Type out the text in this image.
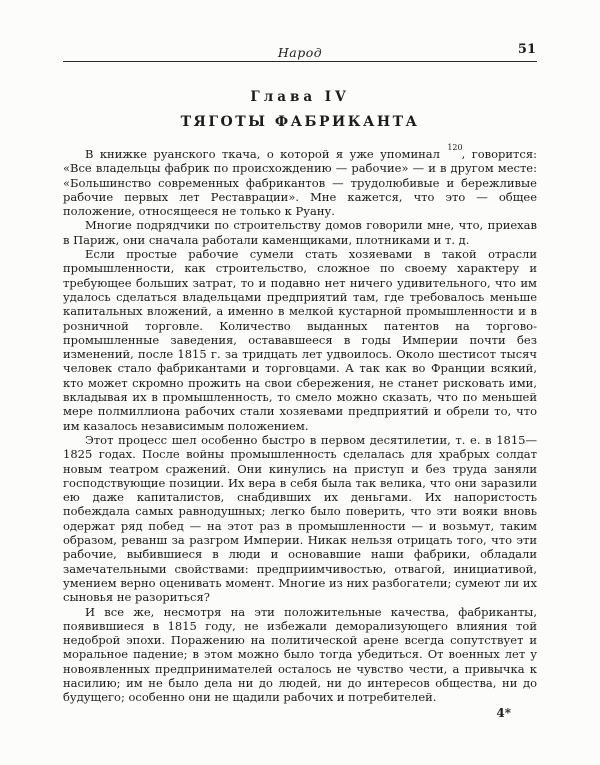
Народ	51
Глава IV
ТЯГОТЫ ФАБРИКАНТА

В книжке руанского ткача, о которой я уже упоминал $^{120}$, говорится: «Все владельцы фабрик по происхождению — рабочие» — и в другом месте: «Большинство современных фабрикантов — трудолюбивые и бережливые рабочие первых лет Реставрации». Мне кажется, что это — общее положение, относящееся не только к Руану.

Многие подрядчики по строительству домов говорили мне, что, приехав в Париж, они сначала работали каменщиками, плотниками и т. д.

Если простые рабочие сумели стать хозяевами в такой отрасли промышленности, как строительство, сложное по своему характеру и требующее больших затрат, то и подавно нет ничего удивительного, что им удалось сделаться владельцами предприятий там, где требовалось меньше капитальных вложений, а именно в мелкой кустарной промышленности и в розничной торговле. Количество выданных патентов на торгово-промышленные заведения, остававшееся в годы Империи почти без изменений, после 1815 г. за тридцать лет удвоилось. Около шестисот тысяч человек стало фабрикантами и торговцами. А так как во Франции всякий, кто может скромно прожить на свои сбережения, не станет рисковать ими, вкладывая их в промышленность, то смело можно сказать, что по меньшей мере полмиллиона рабочих стали хозяевами предприятий и обрели то, что им казалось независимым положением.

Этот процесс шел особенно быстро в первом десятилетии, т. е. в 1815— 1825 годах. После войны промышленность сделалась для храбрых солдат новым театром сражений. Они кинулись на приступ и без труда заняли господствующие позиции. Их вера в себя была так велика, что они заразили ею даже капиталистов, снабдивших их деньгами. Их напористость побеждала самых равнодушных; легко было поверить, что эти вояки вновь одержат ряд побед — на этот раз в промышленности — и возьмут, таким образом, реванш за разгром Империи. Никак нельзя отрицать того, что эти рабочие, выбившиеся в люди и основавшие наши фабрики, обладали замечательными свойствами: предприимчивостью, отвагой, инициативой, умением верно оценивать момент. Многие из них разбогатели; сумеют ли их сыновья не разориться?

И все же, несмотря на эти положительные качества, фабриканты, появившиеся в 1815 году, не избежали деморализующего влияния той недоброй эпохи. Поражению на политической арене всегда сопутствует и моральное падение; в этом можно было тогда убедиться. От военных лет у новоявленных предпринимателей осталось не чувство чести, а привычка к насилию; им не было дела ни до людей, ни до интересов общества, ни до будущего; особенно они не щадили рабочих и потребителей.

4*
